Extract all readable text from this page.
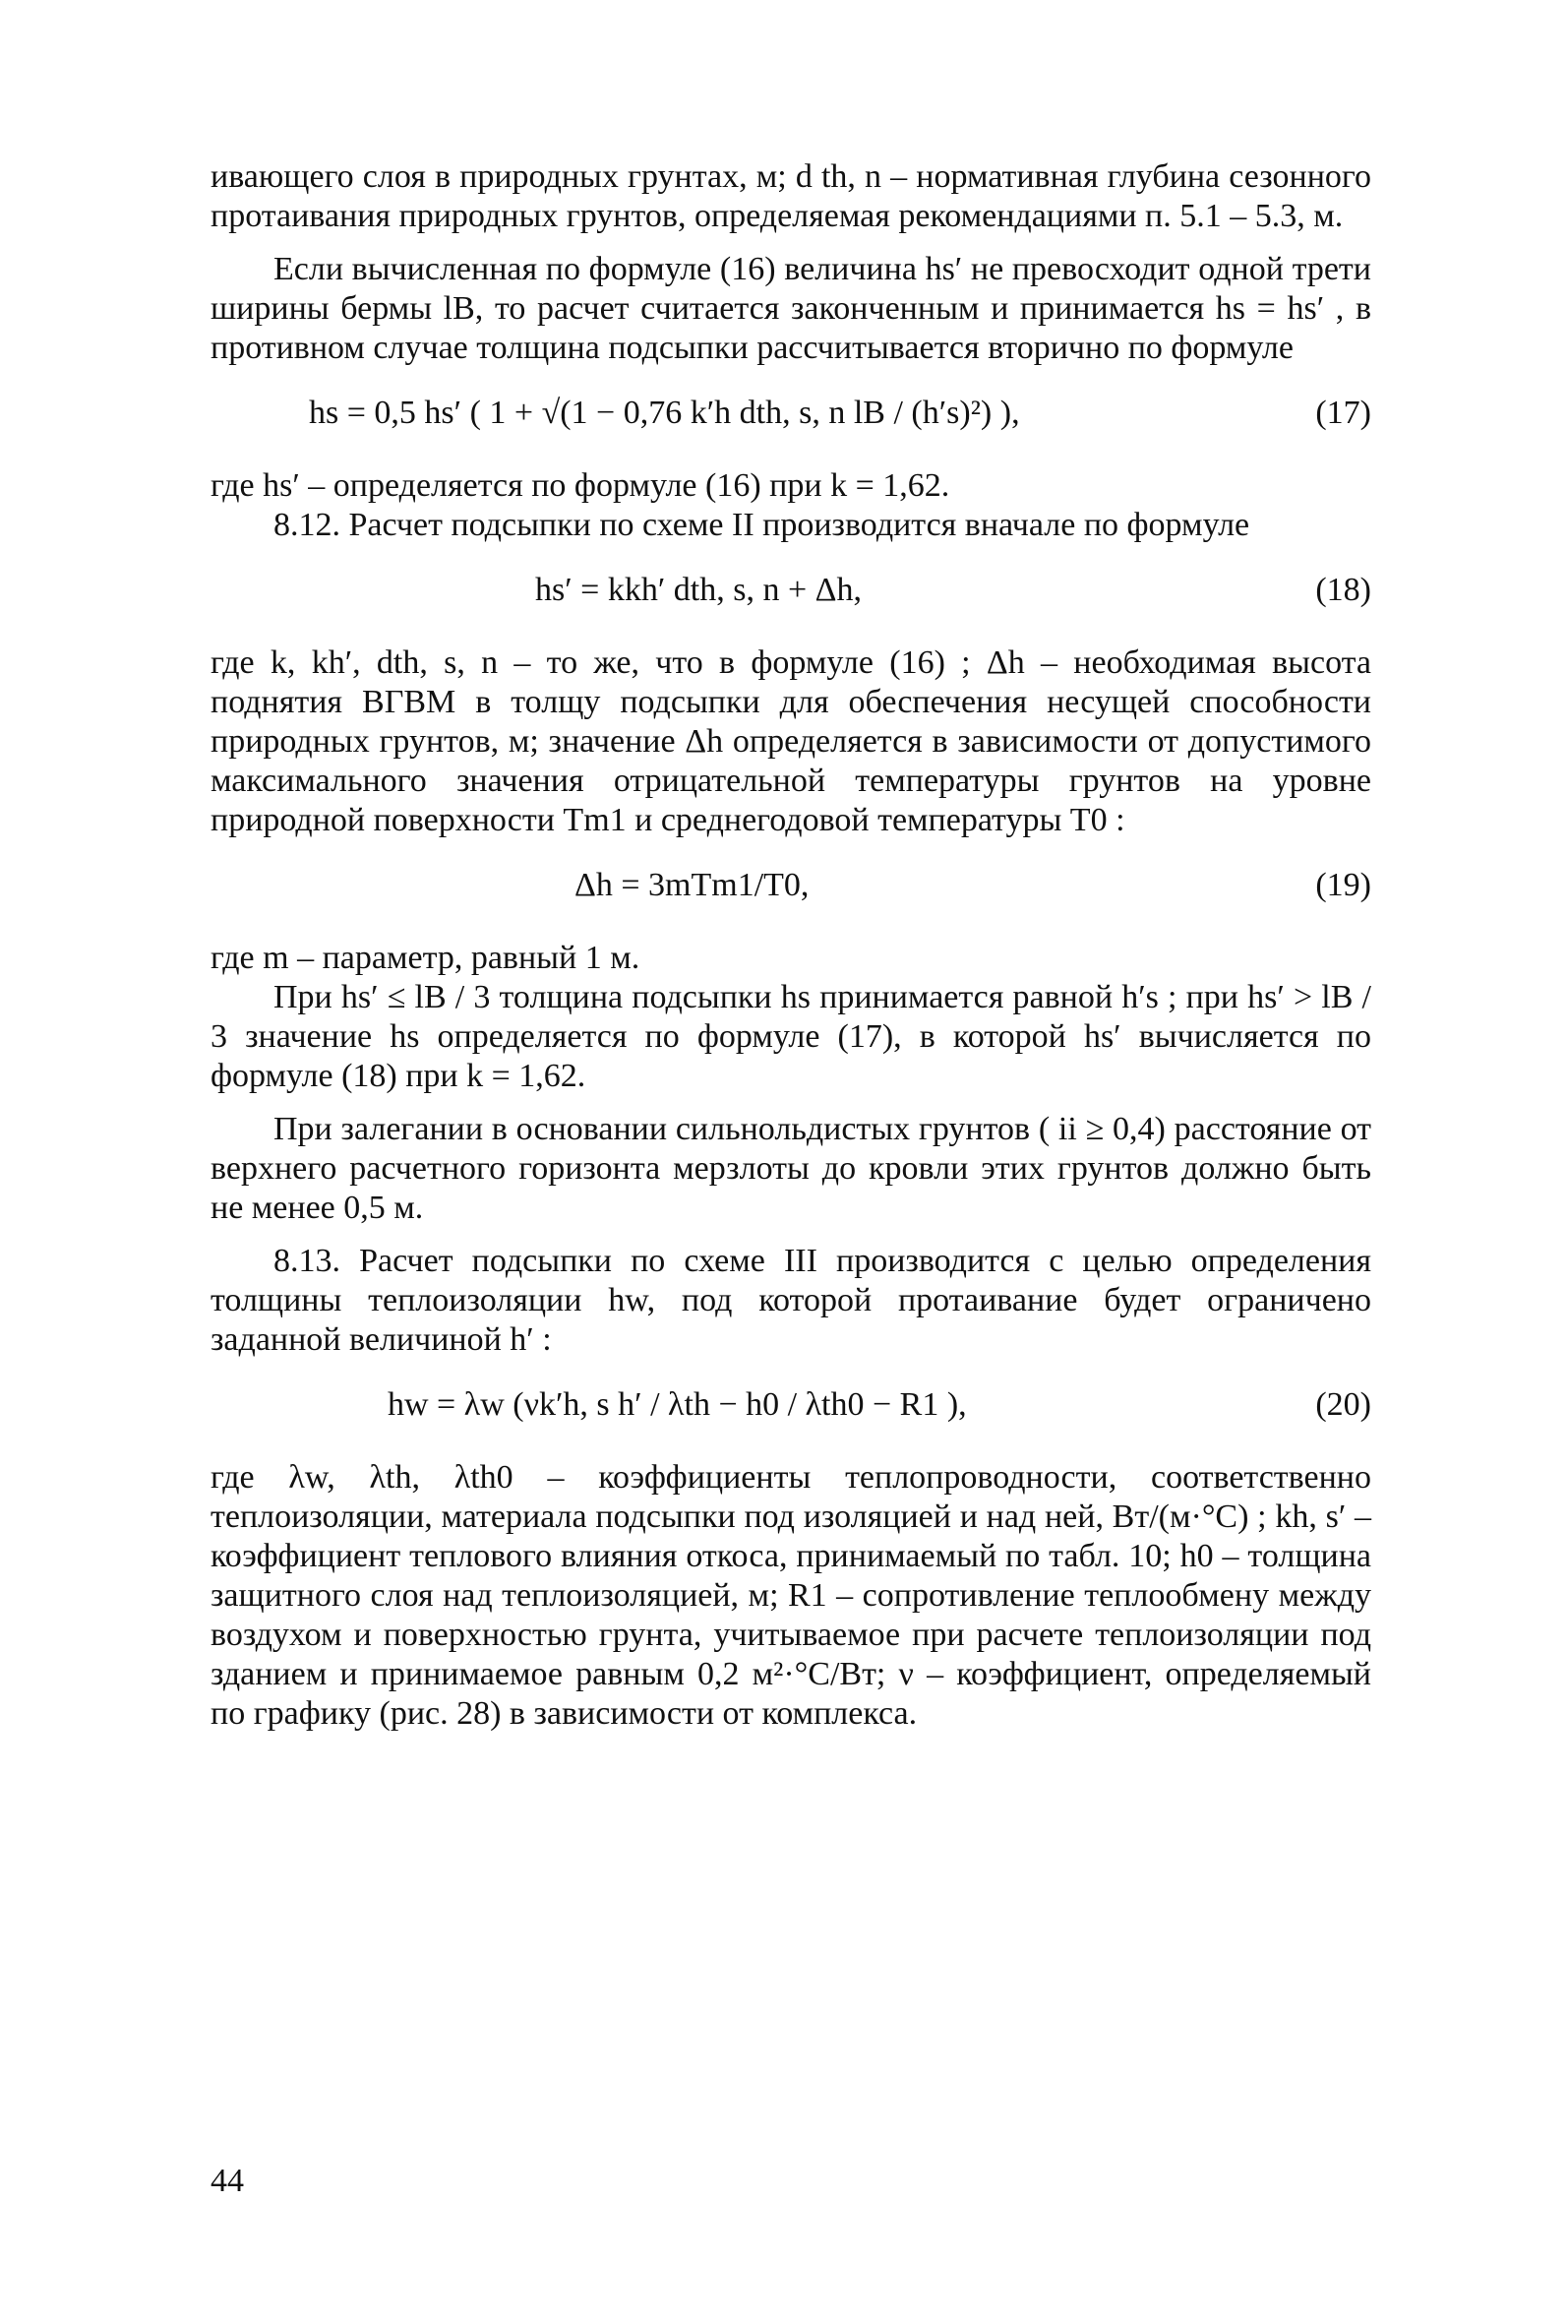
ивающего слоя в природных грунтах, м; d th, n – нормативная глубина сезонного протаивания природных грунтов, определяемая рекомендациями п. 5.1 – 5.3, м.

Если вычисленная по формуле (16) величина hs′ не превосходит одной трети ширины бермы lB, то расчет считается законченным и принимается hs = hs′ , в противном случае толщина подсыпки рассчитывается вторично по формуле

hs = 0,5 hs′ ( 1 + √(1 − 0,76 k′h dth, s, n lB / (h′s)²) ),	(17)

где hs′ – определяется по формуле (16) при k = 1,62.

8.12. Расчет подсыпки по схеме II производится вначале по формуле

hs′ = kkh′ dth, s, n + Δh,	(18)

где k, kh′, dth, s, n – то же, что в формуле (16) ; Δh – необходимая высота поднятия ВГВМ в толщу подсыпки для обеспечения несущей способности природных грунтов, м; значение Δh определяется в зависимости от допустимого максимального значения отрицательной температуры грунтов на уровне природной поверхности Tm1 и среднегодовой температуры T0 :

Δh = 3mTm1/T0,	(19)

где m – параметр, равный 1 м.

При hs′ ≤ lB / 3 толщина подсыпки hs принимается равной h′s ; при hs′ > lB / 3 значение hs определяется по формуле (17), в которой hs′ вычисляется по формуле (18) при k = 1,62.

При залегании в основании сильнольдистых грунтов ( ii ≥ 0,4) расстояние от верхнего расчетного горизонта мерзлоты до кровли этих грунтов должно быть не менее 0,5 м.

8.13. Расчет подсыпки по схеме III производится с целью определения толщины теплоизоляции hw, под которой протаивание будет ограничено заданной величиной h′ :

hw = λw (νk′h, s h′ / λth − h0 / λth0 − R1 ),	(20)

где λw, λth, λth0 – коэффициенты теплопроводности, соответственно теплоизоляции, материала подсыпки под изоляцией и над ней, Вт/(м·°С) ; kh, s′ – коэффициент теплового влияния откоса, принимаемый по табл. 10; h0 – толщина защитного слоя над теплоизоляцией, м; R1 – сопротивление теплообмену между воздухом и поверхностью грунта, учитываемое при расчете теплоизоляции под зданием и принимаемое равным 0,2 м²·°С/Вт; ν – коэффициент, определяемый по графику (рис. 28) в зависимости от комплекса.

44
